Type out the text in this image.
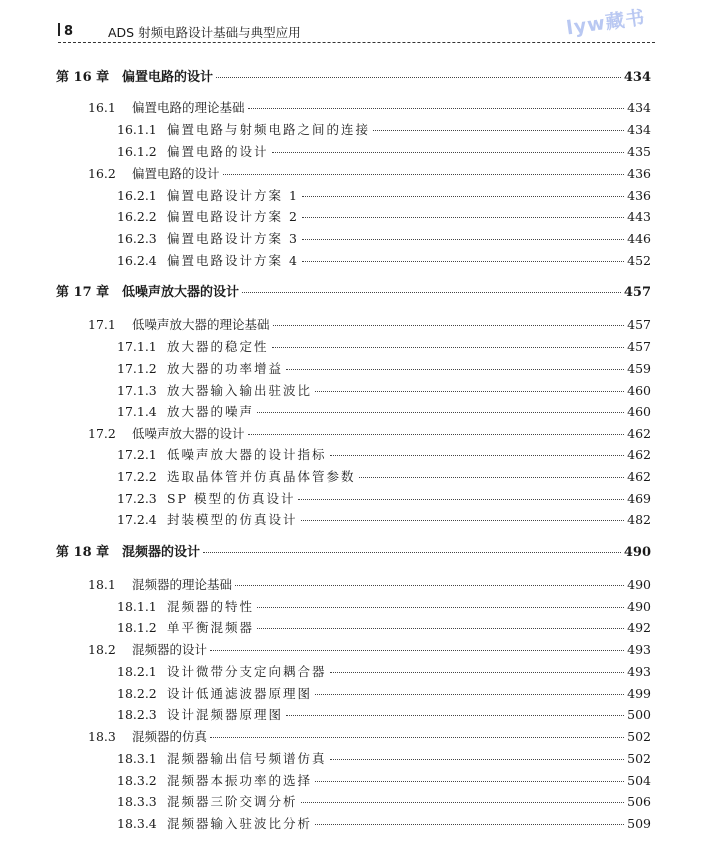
8	ADS 射频电路设计基础与典型应用	lyw藏书
第 16 章 偏置电路的设计	434
16.1	偏置电路的理论基础	434
16.1.1 偏置电路与射频电路之间的连接	434
16.1.2 偏置电路的设计	435
16.2	偏置电路的设计	436
16.2.1 偏置电路设计方案 1	436
16.2.2 偏置电路设计方案 2	443
16.2.3 偏置电路设计方案 3	446
16.2.4 偏置电路设计方案 4	452
第 17 章 低噪声放大器的设计	457
17.1	低噪声放大器的理论基础	457
17.1.1 放大器的稳定性	457
17.1.2 放大器的功率增益	459
17.1.3 放大器输入输出驻波比	460
17.1.4 放大器的噪声	460
17.2	低噪声放大器的设计	462
17.2.1 低噪声放大器的设计指标	462
17.2.2 选取晶体管并仿真晶体管参数	462
17.2.3 SP 模型的仿真设计	469
17.2.4 封装模型的仿真设计	482
第 18 章 混频器的设计	490
18.1	混频器的理论基础	490
18.1.1 混频器的特性	490
18.1.2 单平衡混频器	492
18.2	混频器的设计	493
18.2.1 设计微带分支定向耦合器	493
18.2.2 设计低通滤波器原理图	499
18.2.3 设计混频器原理图	500
18.3	混频器的仿真	502
18.3.1 混频器输出信号频谱仿真	502
18.3.2 混频器本振功率的选择	504
18.3.3 混频器三阶交调分析	506
18.3.4 混频器输入驻波比分析	509
